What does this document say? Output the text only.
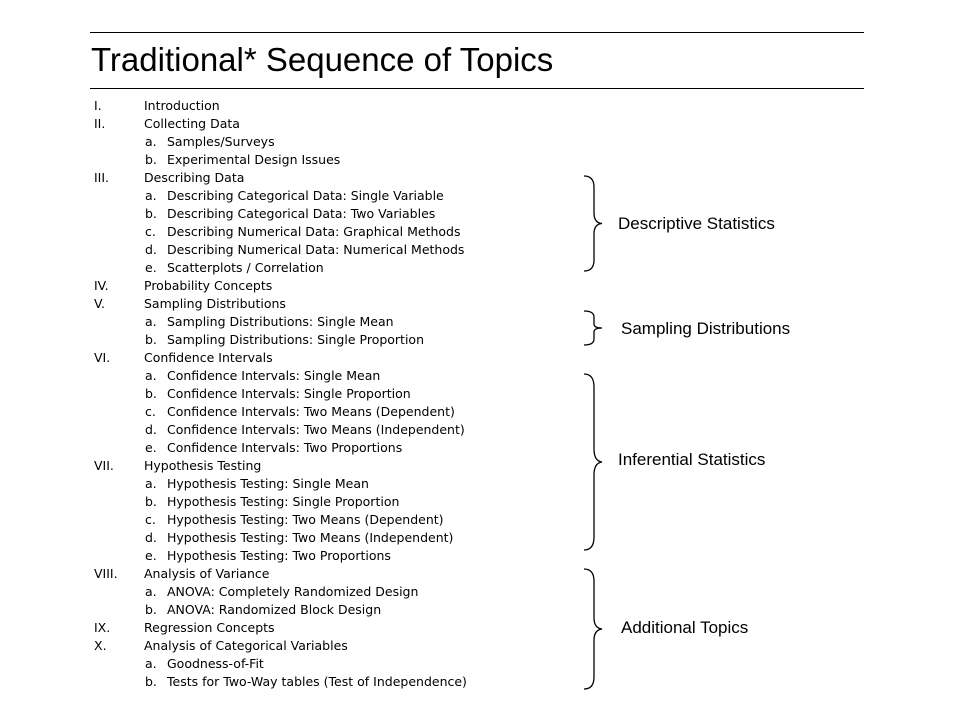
Traditional* Sequence of Topics
I.	Introduction
II.	Collecting Data
a. Samples/Surveys
b. Experimental Design Issues
III.	Describing Data
a. Describing Categorical Data: Single Variable
b. Describing Categorical Data: Two Variables
c. Describing Numerical Data: Graphical Methods
d. Describing Numerical Data: Numerical Methods
e. Scatterplots / Correlation
IV.	Probability Concepts
V.	Sampling Distributions
a. Sampling Distributions: Single Mean
b. Sampling Distributions: Single Proportion
VI.	Confidence Intervals
a. Confidence Intervals: Single Mean
b. Confidence Intervals: Single Proportion
c. Confidence Intervals: Two Means (Dependent)
d. Confidence Intervals: Two Means (Independent)
e. Confidence Intervals: Two Proportions
VII. Hypothesis Testing
a. Hypothesis Testing: Single Mean
b. Hypothesis Testing: Single Proportion
c. Hypothesis Testing: Two Means (Dependent)
d. Hypothesis Testing: Two Means (Independent)
e. Hypothesis Testing: Two Proportions
VIII. Analysis of Variance
a. ANOVA: Completely Randomized Design
b. ANOVA: Randomized Block Design
IX.	Regression Concepts
X.	Analysis of Categorical Variables
a. Goodness-of-Fit
b. Tests for Two-Way tables (Test of Independence)
Descriptive Statistics
Sampling Distributions
Inferential Statistics
Additional Topics
